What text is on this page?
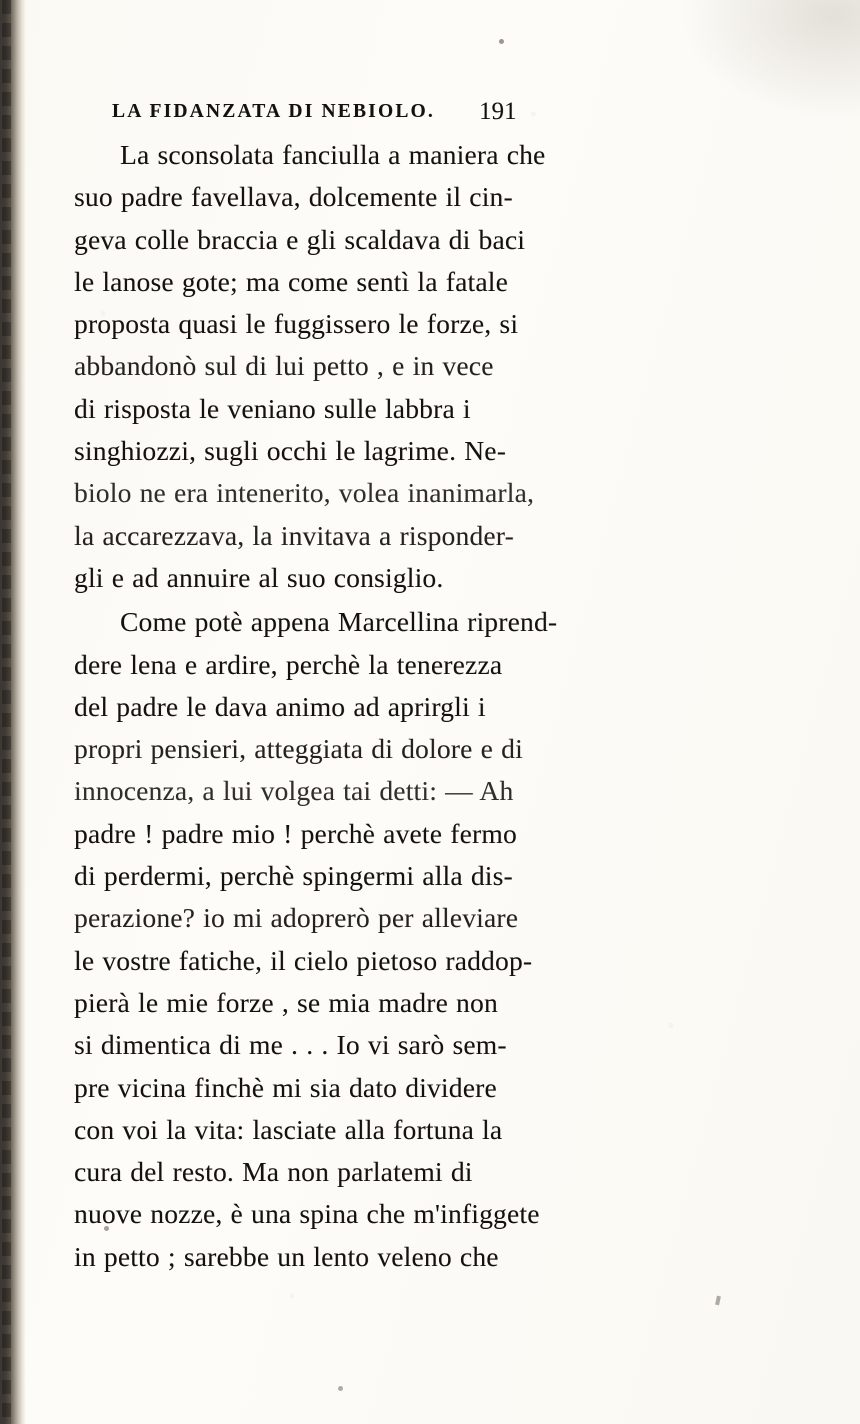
LA FIDANZATA DI NEBIOLO. 191

La sconsolata fanciulla a maniera che
suo padre favellava, dolcemente il cin-
geva colle braccia e gli scaldava di baci
le lanose gote; ma come sentì la fatale
proposta quasi le fuggissero le forze, si
abbandonò sul di lui petto , e in vece
di risposta le veniano sulle labbra i
singhiozzi, sugli occhi le lagrime. Ne-
biolo ne era intenerito, volea inanimarla,
la accarezzava, la invitava a risponder-
gli e ad annuire al suo consiglio.

Come potè appena Marcellina riprend-
dere lena e ardire, perchè la tenerezza
del padre le dava animo ad aprirgli i
propri pensieri, atteggiata di dolore e di
innocenza, a lui volgea tai detti: — Ah
padre ! padre mio ! perchè avete fermo
di perdermi, perchè spingermi alla dis-
perazione? io mi adoprerò per alleviare
le vostre fatiche, il cielo pietoso raddop-
pierà le mie forze , se mia madre non
si dimentica di me . . . Io vi sarò sem-
pre vicina finchè mi sia dato dividere
con voi la vita: lasciate alla fortuna la
cura del resto. Ma non parlatemi di
nuove nozze, è una spina che m'infiggete
in petto ; sarebbe un lento veleno che
